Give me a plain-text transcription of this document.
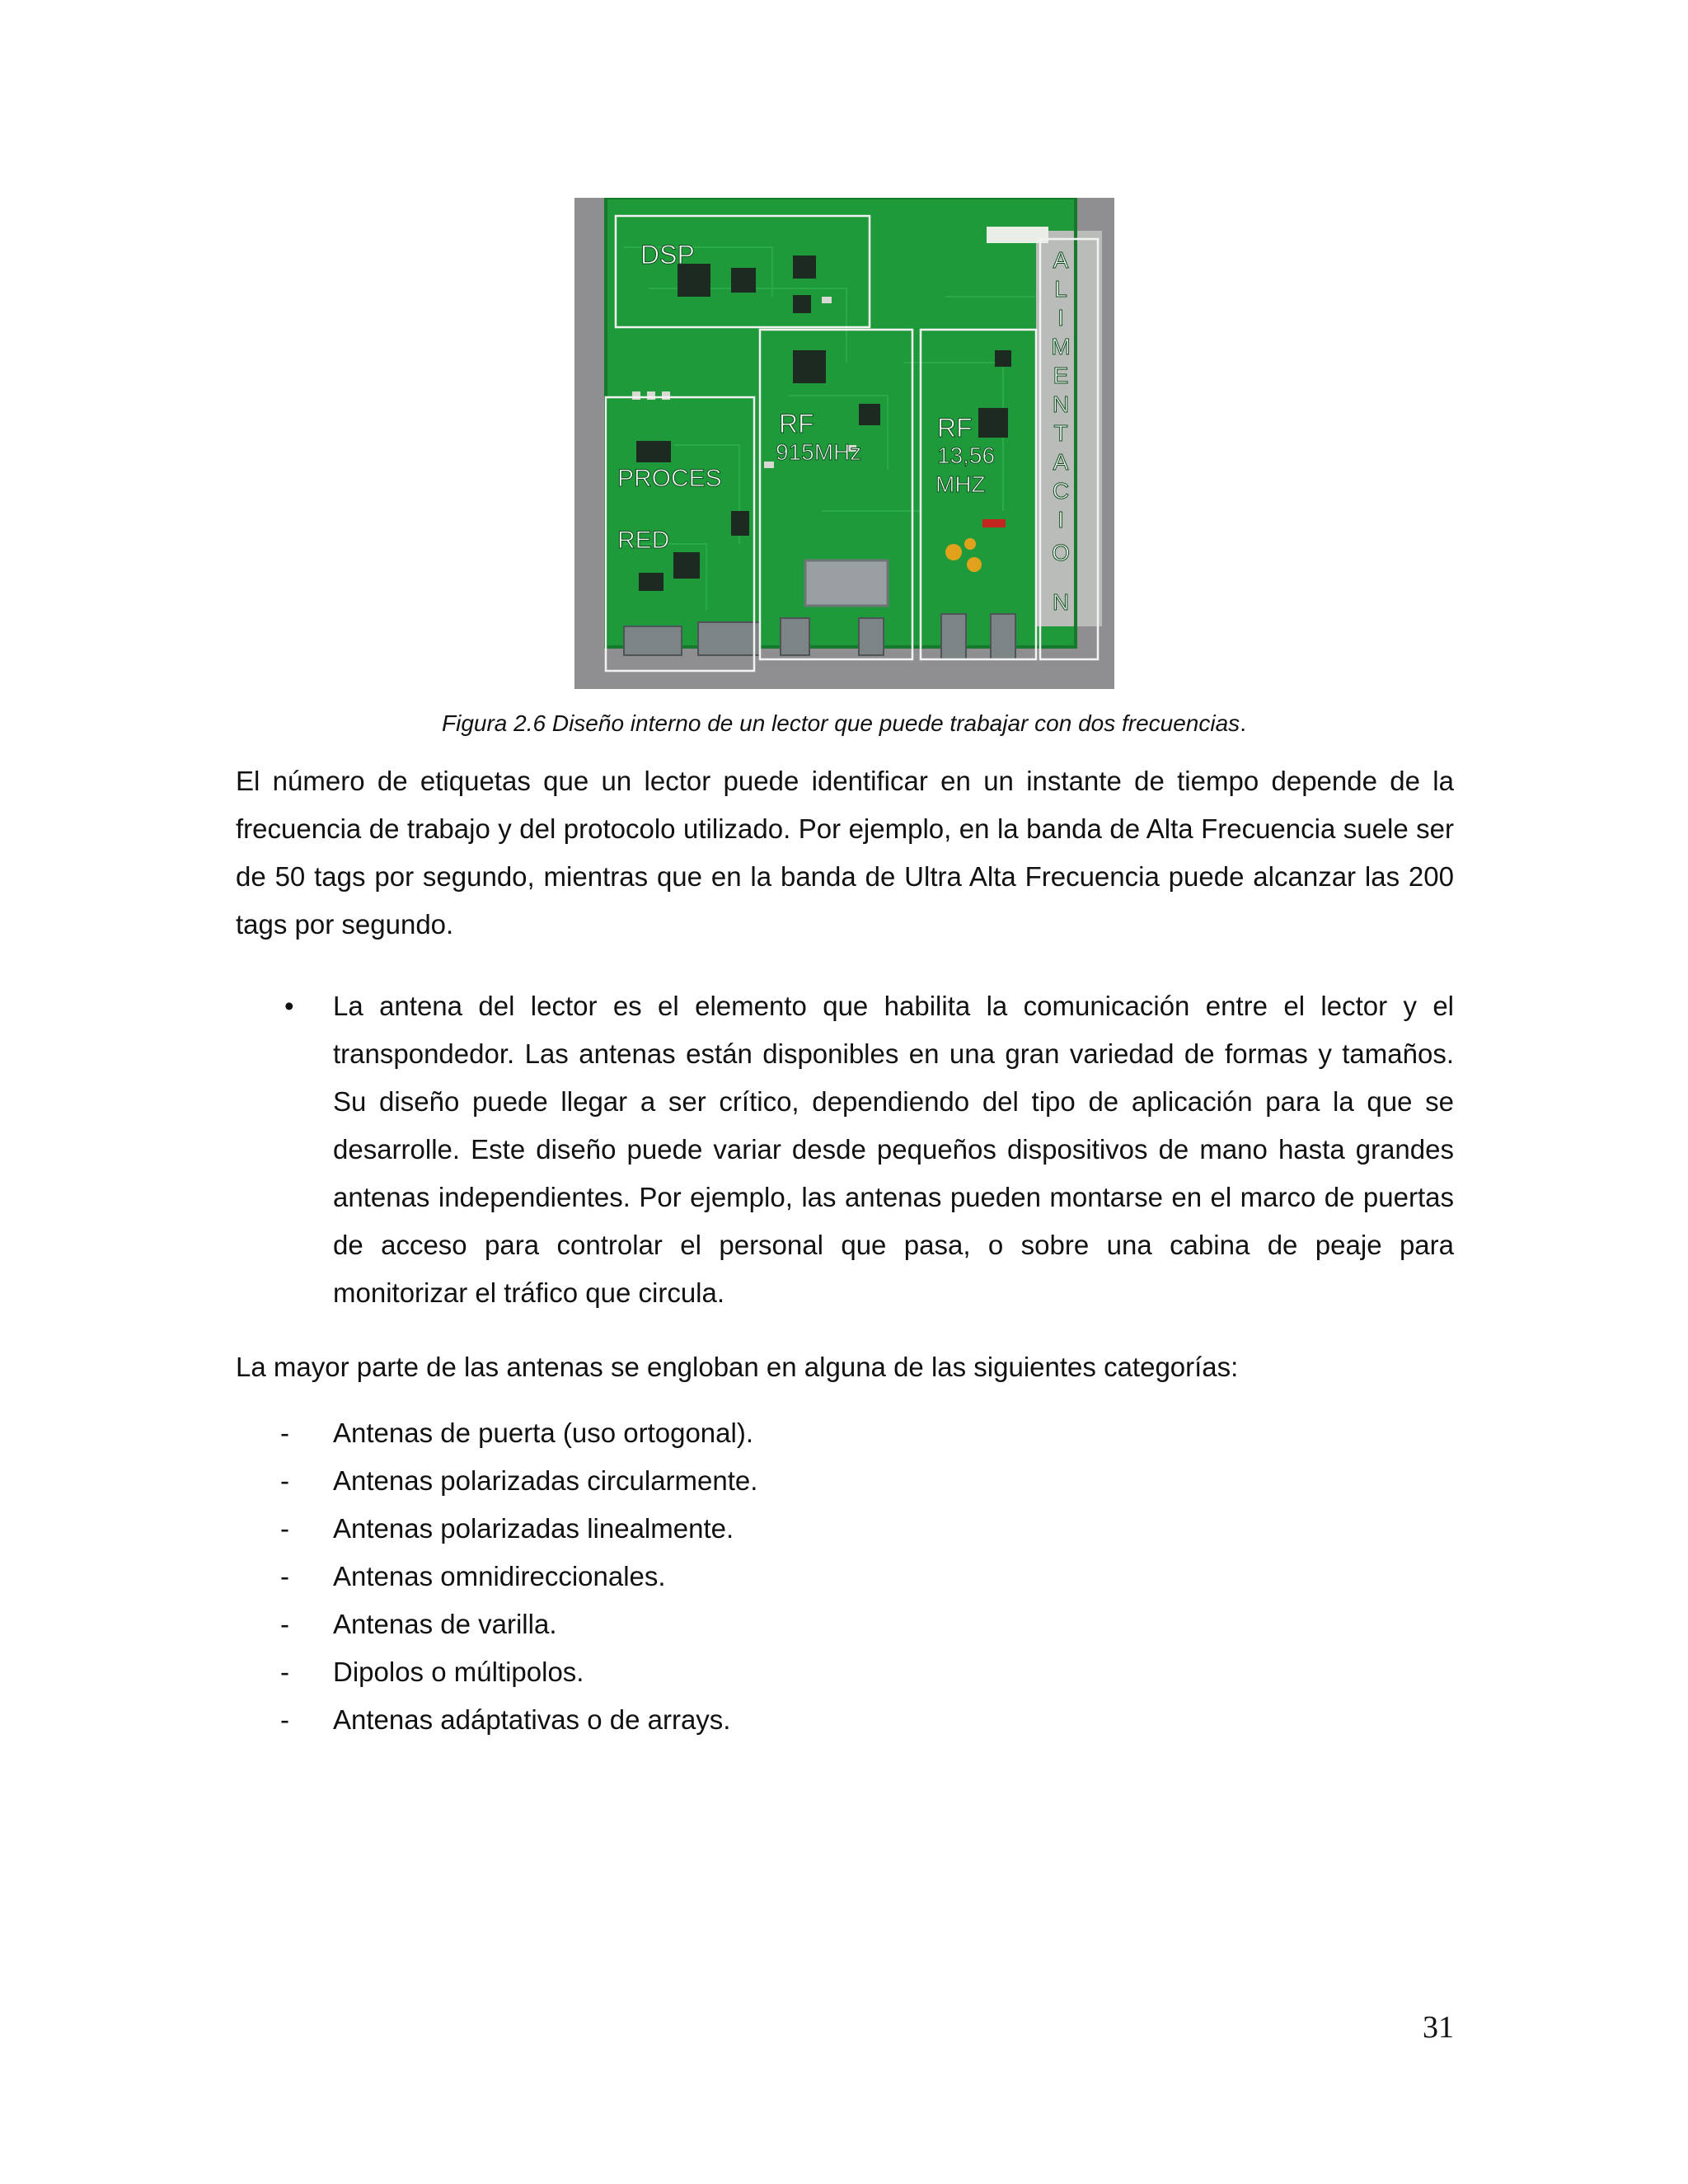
DSP
RF
915MHz
RF
13,56
MHZ
PROCES
RED
A
L
I
M
E
N
T
A
C
I
O
N
Figura 2.6 Diseño interno de un lector que puede trabajar con dos frecuencias.

El número de etiquetas que un lector puede identificar en un instante de tiempo depende de la frecuencia de trabajo y del protocolo utilizado. Por ejemplo, en la banda de Alta Frecuencia suele ser de 50 tags por segundo, mientras que en la banda de Ultra Alta Frecuencia puede alcanzar las 200 tags por segundo.

• La antena del lector es el elemento que habilita la comunicación entre el lector y el transpondedor. Las antenas están disponibles en una gran variedad de formas y tamaños. Su diseño puede llegar a ser crítico, dependiendo del tipo de aplicación para la que se desarrolle. Este diseño puede variar desde pequeños dispositivos de mano hasta grandes antenas independientes. Por ejemplo, las antenas pueden montarse en el marco de puertas de acceso para controlar el personal que pasa, o sobre una cabina de peaje para monitorizar el tráfico que circula.

La mayor parte de las antenas se engloban en alguna de las siguientes categorías:

-	Antenas de puerta (uso ortogonal).
-	Antenas polarizadas circularmente.
-	Antenas polarizadas linealmente.
-	Antenas omnidireccionales.
-	Antenas de varilla.
-	Dipolos o múltipolos.
-	Antenas adáptativas o de arrays.
31
